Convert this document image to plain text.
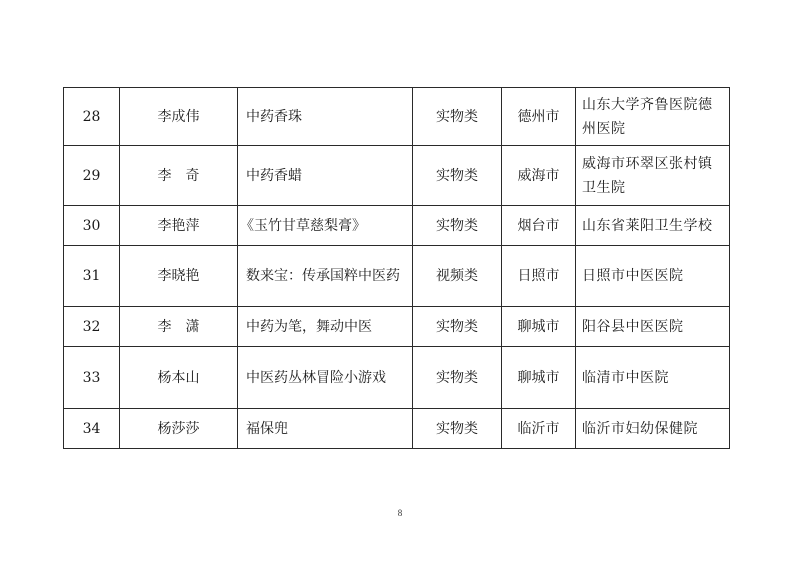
28	李成伟	中药香珠	实物类	德州市	山东大学齐鲁医院德州医院
29	李　奇	中药香蜡	实物类	威海市	威海市环翠区张村镇卫生院
30	李艳萍	《玉竹甘草慈梨膏》	实物类	烟台市	山东省莱阳卫生学校
31	李晓艳	数来宝：传承国粹中医药	视频类	日照市	日照市中医医院
32	李　潇	中药为笔，舞动中医	实物类	聊城市	阳谷县中医医院
33	杨本山	中医药丛林冒险小游戏	实物类	聊城市	临清市中医院
34	杨莎莎	福保兜	实物类	临沂市	临沂市妇幼保健院
8
